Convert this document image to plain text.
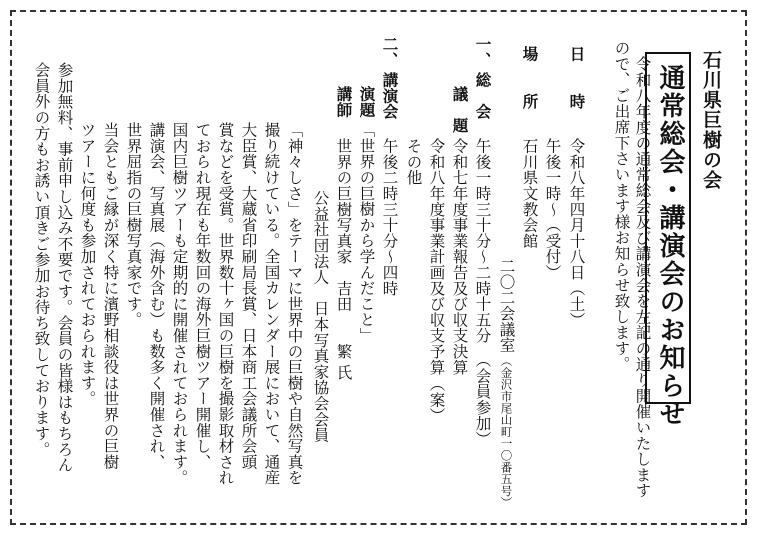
石川県巨樹の会
通常総会・講演会のお知らせ
令和八年度の通常総会及び講演会を左記の通り開催いたします
ので、ご出席下さいます様お知らせ致します。
日　　時
令和八年四月十八日（土）
午後一時～（受付）
場　　所
石川県文教会館
二〇二会議室
（金沢市尾山町一〇番五号）
一、
総　会
午後一時三十分～二時十五分
（会員参加）
議　題
令和七年度事業報告及び収支決算
令和八年度事業計画及び収支予算
（案）
その他
二、
講演会
午後二時三十分～四時
演題
「世界の巨樹から学んだこと」
講師
世界の巨樹写真家　吉田　　繁 氏
公益社団法人　日本写真家協会会員
「神々しさ」をテーマに世界中の巨樹や自然写真を
撮り続けている。全国カレンダー展において、通産
大臣賞、大蔵省印刷局長賞、日本商工会議所会頭
賞などを受賞。世界数十ヶ国の巨樹を撮影取材され
ておられ現在も年数回の海外巨樹ツアー開催し、
国内巨樹ツアーも定期的に開催されておられます。
講演会、写真展（海外含む）も数多く開催され、
世界屈指の巨樹写真家です。
当会ともご縁が深く特に濱野相談役は世界の巨樹
ツアーに何度も参加されておられます。
参加無料、事前申し込み不要です。会員の皆様はもちろん
会員外の方もお誘い頂きご参加お待ち致しております。
